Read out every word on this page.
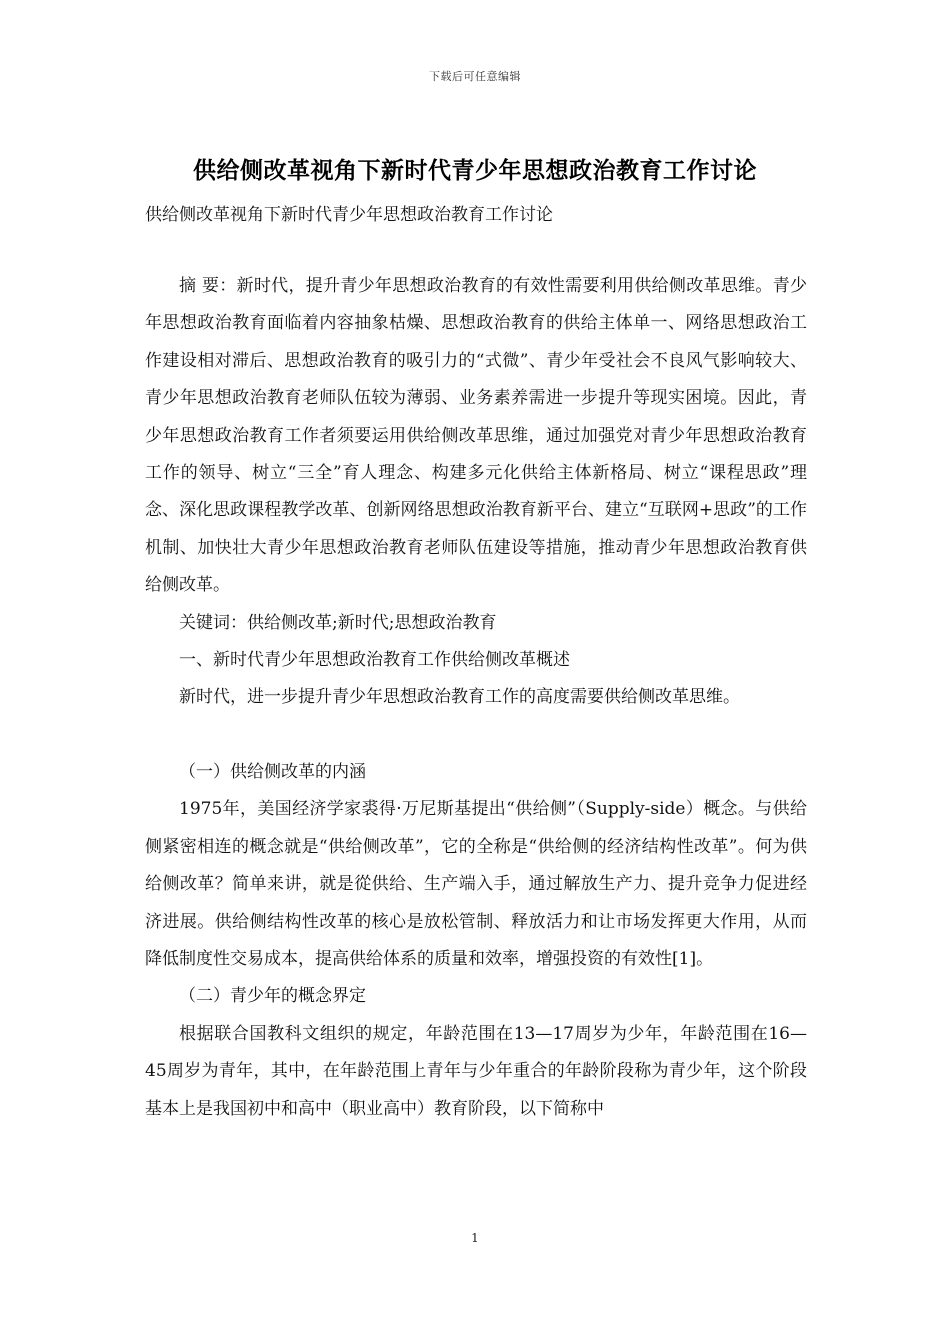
下载后可任意编辑
供给侧改革视角下新时代青少年思想政治教育工作讨论
供给侧改革视角下新时代青少年思想政治教育工作讨论

摘 要：新时代，提升青少年思想政治教育的有效性需要利用供给侧改革思维。青少年思想政治教育面临着内容抽象枯燥、思想政治教育的供给主体单一、网络思想政治工作建设相对滞后、思想政治教育的吸引力的“式微”、青少年受社会不良风气影响较大、青少年思想政治教育老师队伍较为薄弱、业务素养需进一步提升等现实困境。因此，青少年思想政治教育工作者须要运用供给侧改革思维，通过加强党对青少年思想政治教育工作的领导、树立“三全”育人理念、构建多元化供给主体新格局、树立“课程思政”理念、深化思政课程教学改革、创新网络思想政治教育新平台、建立“互联网+思政”的工作机制、加快壮大青少年思想政治教育老师队伍建设等措施，推动青少年思想政治教育供给侧改革。

关键词：供给侧改革;新时代;思想政治教育

一、新时代青少年思想政治教育工作供给侧改革概述

新时代，进一步提升青少年思想政治教育工作的高度需要供给侧改革思维。

（一）供给侧改革的内涵

1975年，美国经济学家裘得·万尼斯基提出“供给侧”（Supply-side）概念。与供给侧紧密相连的概念就是“供给侧改革”，它的全称是“供给侧的经济结构性改革”。何为供给侧改革？简单来讲，就是從供给、生产端入手，通过解放生产力、提升竞争力促进经济进展。供给侧结构性改革的核心是放松管制、释放活力和让市场发挥更大作用，从而降低制度性交易成本，提高供给体系的质量和效率，增强投资的有效性[1]。

（二）青少年的概念界定

根据联合国教科文组织的规定，年龄范围在13—17周岁为少年，年龄范围在16—45周岁为青年，其中，在年龄范围上青年与少年重合的年龄阶段称为青少年，这个阶段基本上是我国初中和高中（职业高中）教育阶段，以下简称中

1
